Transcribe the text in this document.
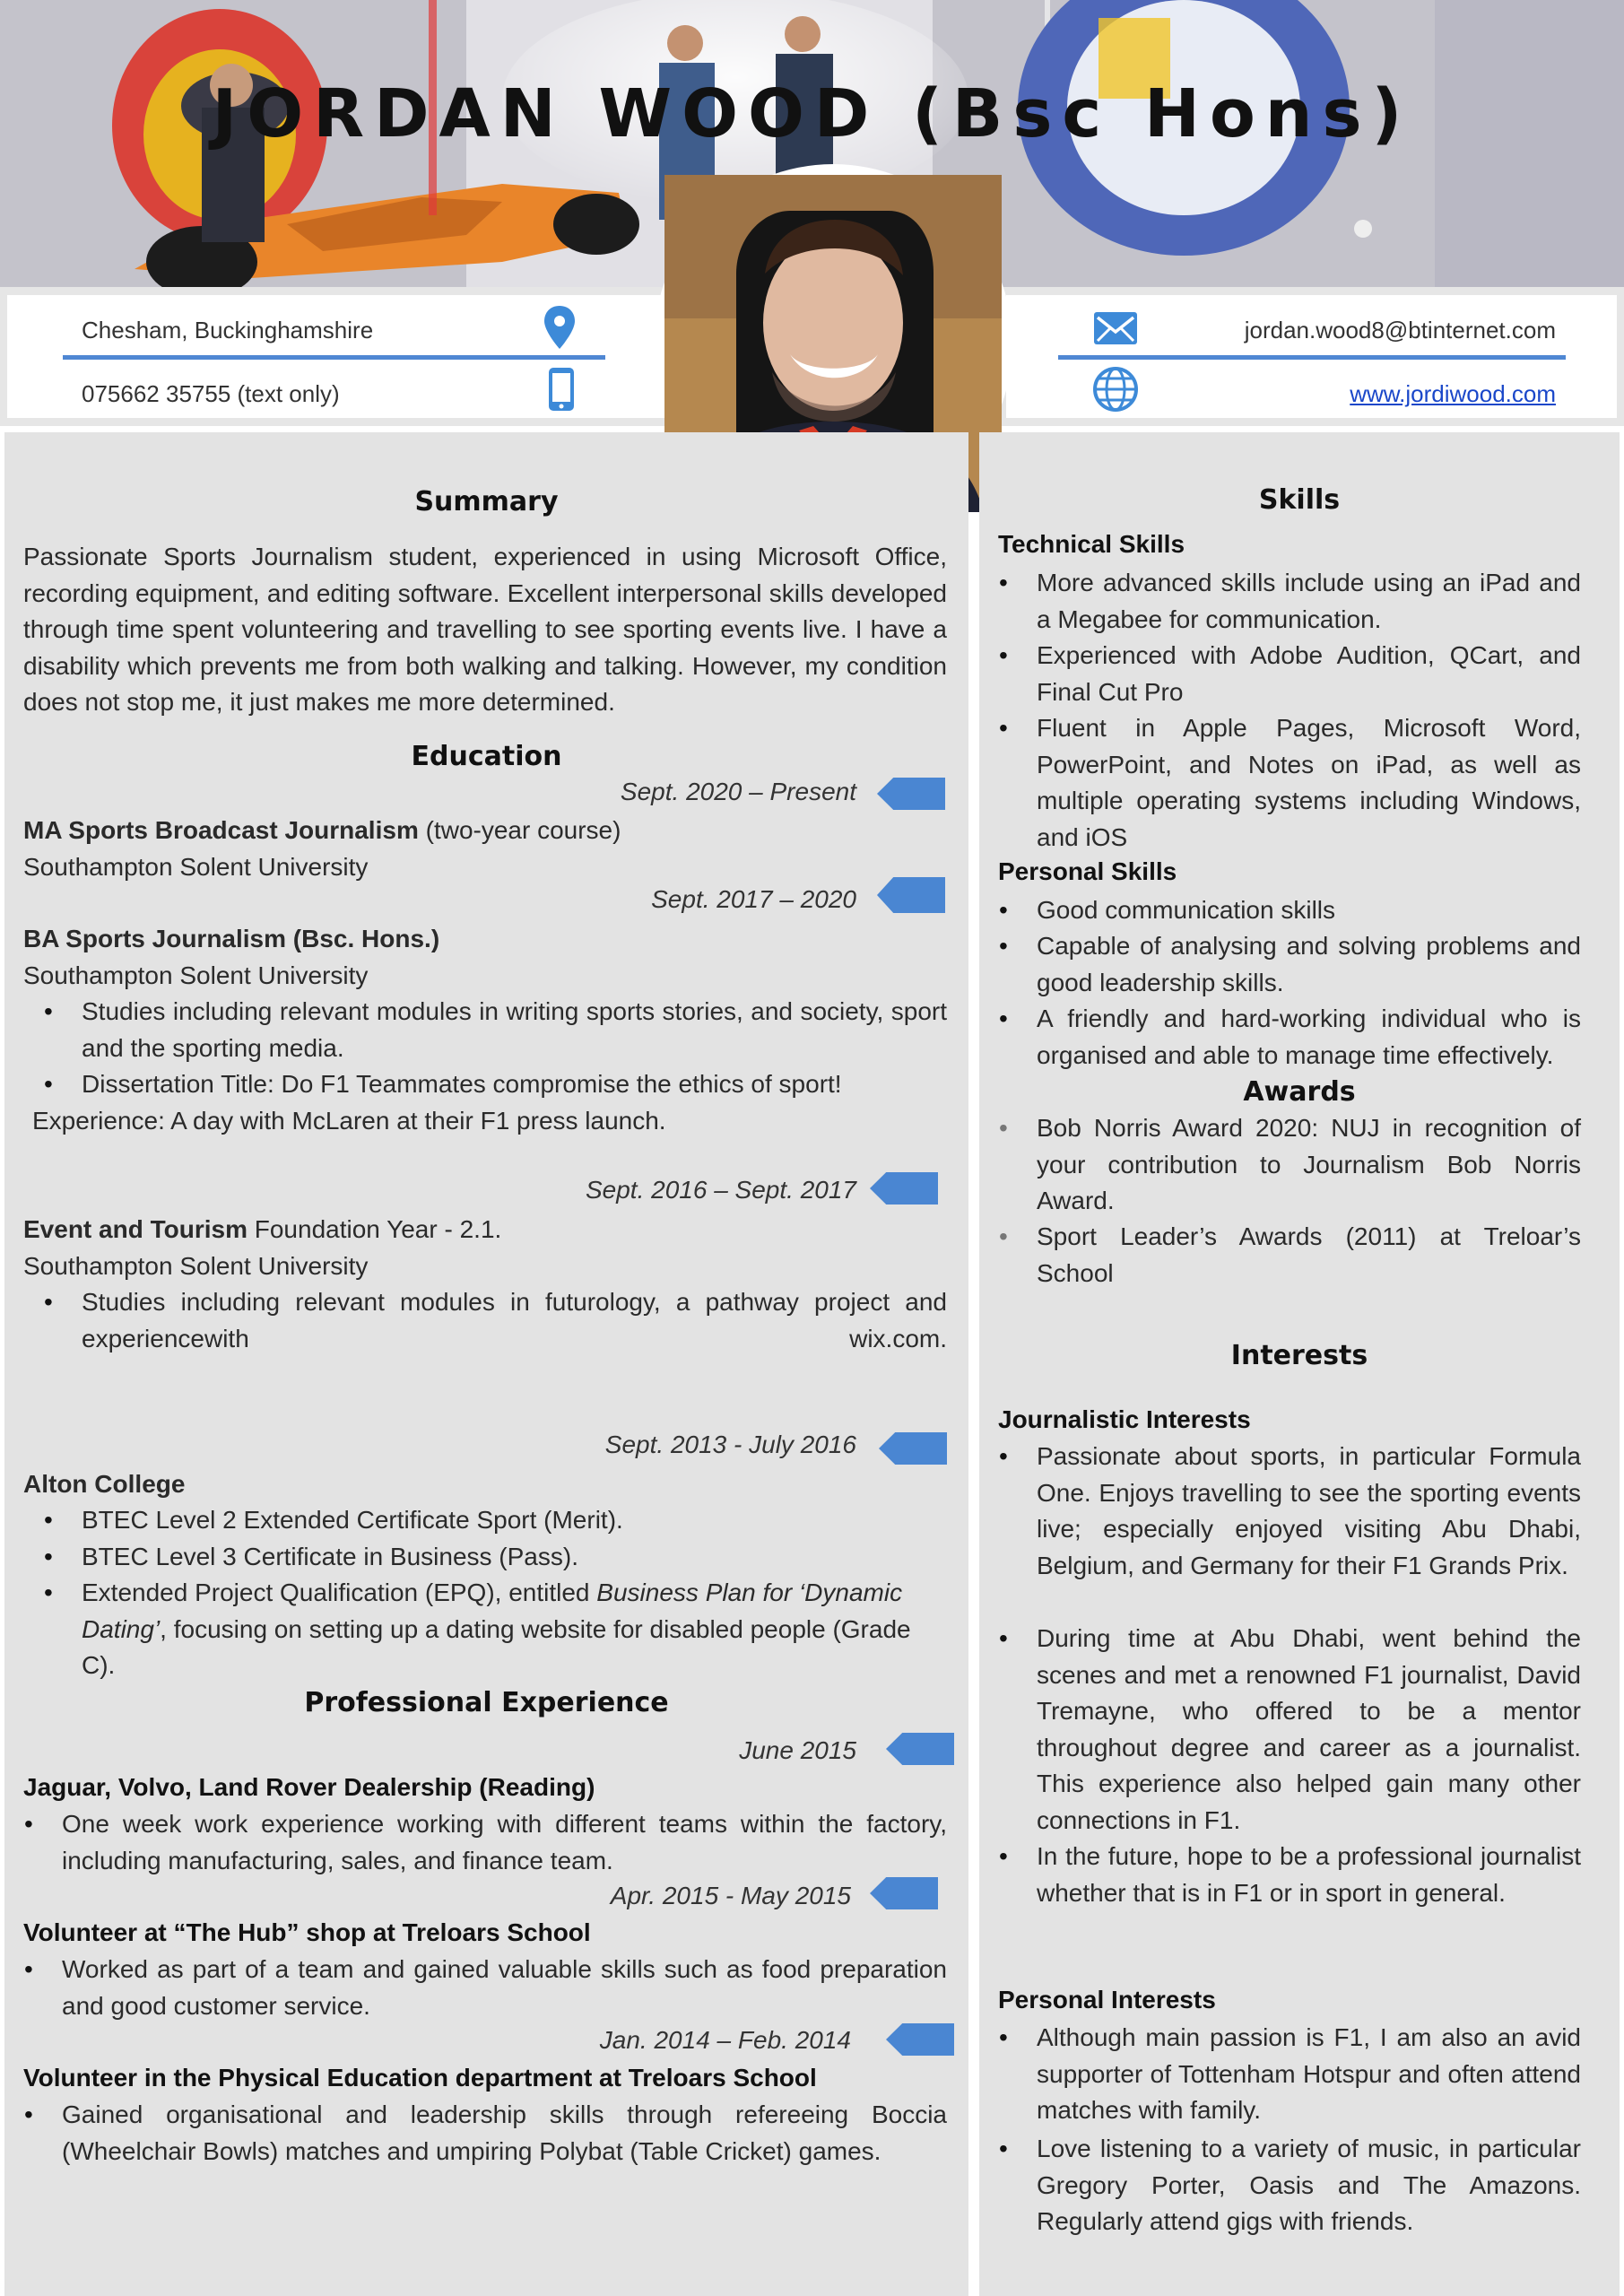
JORDAN WOOD (Bsc Hons)
Chesham, Buckinghamshire
075662 35755 (text only)
jordan.wood8@btinternet.com
www.jordiwood.com
Summary
Passionate Sports Journalism student, experienced in using Microsoft Office, recording equipment, and editing software. Excellent interpersonal skills developed through time spent volunteering and travelling to see sporting events live. I have a disability which prevents me from both walking and talking. However, my condition does not stop me, it just makes me more determined.
Education
Sept. 2020 – Present
MA Sports Broadcast Journalism (two-year course)
Southampton Solent University
Sept. 2017 – 2020
BA Sports Journalism (Bsc. Hons.)
Southampton Solent University
• Studies including relevant modules in writing sports stories, and society, sport and the sporting media.
• Dissertation Title: Do F1 Teammates compromise the ethics of sport!
Experience: A day with McLaren at their F1 press launch.
Sept. 2016 – Sept. 2017
Event and Tourism Foundation Year - 2.1.
Southampton Solent University
• Studies including relevant modules in futurology, a pathway project and experiencewith wix.com.
Sept. 2013 - July 2016
Alton College
• BTEC Level 2 Extended Certificate Sport (Merit).
• BTEC Level 3 Certificate in Business (Pass).
• Extended Project Qualification (EPQ), entitled Business Plan for ‘Dynamic Dating’, focusing on setting up a dating website for disabled people (Grade C).
Professional Experience
June 2015
Jaguar, Volvo, Land Rover Dealership (Reading)
• One week work experience working with different teams within the factory, including manufacturing, sales, and finance team.
Apr. 2015 - May 2015
Volunteer at “The Hub” shop at Treloars School
• Worked as part of a team and gained valuable skills such as food preparation and good customer service.
Jan. 2014 – Feb. 2014
Volunteer in the Physical Education department at Treloars School
• Gained organisational and leadership skills through refereeing Boccia (Wheelchair Bowls) matches and umpiring Polybat (Table Cricket) games.
Skills
Technical Skills
• More advanced skills include using an iPad and a Megabee for communication.
• Experienced with Adobe Audition, QCart, and Final Cut Pro
• Fluent in Apple Pages, Microsoft Word, PowerPoint, and Notes on iPad, as well as multiple operating systems including Windows, and iOS
Personal Skills
• Good communication skills
• Capable of analysing and solving problems and good leadership skills.
• A friendly and hard-working individual who is organised and able to manage time effectively.
Awards
• Bob Norris Award 2020: NUJ in recognition of your contribution to Journalism Bob Norris Award.
• Sport Leader’s Awards (2011) at Treloar’s School
Interests
Journalistic Interests
• Passionate about sports, in particular Formula One. Enjoys travelling to see the sporting events live; especially enjoyed visiting Abu Dhabi, Belgium, and Germany for their F1 Grands Prix.
• During time at Abu Dhabi, went behind the scenes and met a renowned F1 journalist, David Tremayne, who offered to be a mentor throughout degree and career as a journalist. This experience also helped gain many other connections in F1.
• In the future, hope to be a professional journalist whether that is in F1 or in sport in general.
Personal Interests
• Although main passion is F1, I am also an avid supporter of Tottenham Hotspur and often attend matches with family.
• Love listening to a variety of music, in particular Gregory Porter, Oasis and The Amazons. Regularly attend gigs with friends.
